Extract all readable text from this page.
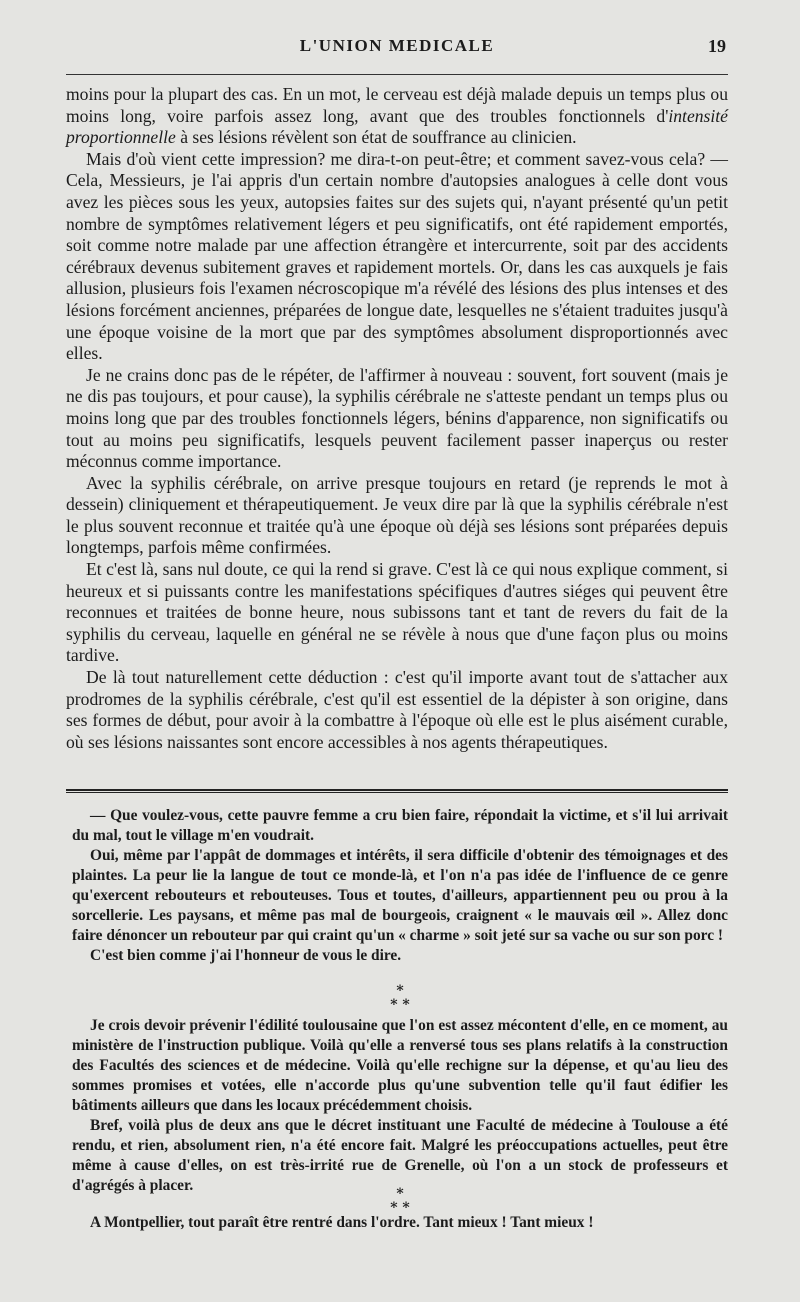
L'UNION MEDICALE	19

moins pour la plupart des cas. En un mot, le cerveau est déjà malade depuis un temps plus ou moins long, voire parfois assez long, avant que des troubles fonctionnels d'intensité proportionnelle à ses lésions révèlent son état de souffrance au clinicien.

Mais d'où vient cette impression? me dira-t-on peut-être; et comment savez-vous cela? — Cela, Messieurs, je l'ai appris d'un certain nombre d'autopsies analogues à celle dont vous avez les pièces sous les yeux, autopsies faites sur des sujets qui, n'ayant présenté qu'un petit nombre de symptômes relativement légers et peu significatifs, ont été rapidement emportés, soit comme notre malade par une affection étrangère et intercurrente, soit par des accidents cérébraux devenus subitement graves et rapidement mortels. Or, dans les cas auxquels je fais allusion, plusieurs fois l'examen nécroscopique m'a révélé des lésions des plus intenses et des lésions forcément anciennes, préparées de longue date, lesquelles ne s'étaient traduites jusqu'à une époque voisine de la mort que par des symptômes absolument disproportionnés avec elles.

Je ne crains donc pas de le répéter, de l'affirmer à nouveau : souvent, fort souvent (mais je ne dis pas toujours, et pour cause), la syphilis cérébrale ne s'atteste pendant un temps plus ou moins long que par des troubles fonctionnels légers, bénins d'apparence, non significatifs ou tout au moins peu significatifs, lesquels peuvent facilement passer inaperçus ou rester méconnus comme importance.

Avec la syphilis cérébrale, on arrive presque toujours en retard (je reprends le mot à dessein) cliniquement et thérapeutiquement. Je veux dire par là que la syphilis cérébrale n'est le plus souvent reconnue et traitée qu'à une époque où déjà ses lésions sont préparées depuis longtemps, parfois même confirmées.

Et c'est là, sans nul doute, ce qui la rend si grave. C'est là ce qui nous explique comment, si heureux et si puissants contre les manifestations spécifiques d'autres siéges qui peuvent être reconnues et traitées de bonne heure, nous subissons tant et tant de revers du fait de la syphilis du cerveau, laquelle en général ne se révèle à nous que d'une façon plus ou moins tardive.

De là tout naturellement cette déduction : c'est qu'il importe avant tout de s'attacher aux prodromes de la syphilis cérébrale, c'est qu'il est essentiel de la dépister à son origine, dans ses formes de début, pour avoir à la combattre à l'époque où elle est le plus aisément curable, où ses lésions naissantes sont encore accessibles à nos agents thérapeutiques.

— Que voulez-vous, cette pauvre femme a cru bien faire, répondait la victime, et s'il lui arrivait du mal, tout le village m'en voudrait.

Oui, même par l'appât de dommages et intérêts, il sera difficile d'obtenir des témoignages et des plaintes. La peur lie la langue de tout ce monde-là, et l'on n'a pas idée de l'influence de ce genre qu'exercent rebouteurs et rebouteuses. Tous et toutes, d'ailleurs, appartiennent peu ou prou à la sorcellerie. Les paysans, et même pas mal de bourgeois, craignent « le mauvais œil ». Allez donc faire dénoncer un rebouteur par qui craint qu'un « charme » soit jeté sur sa vache ou sur son porc !

C'est bien comme j'ai l'honneur de vous le dire.

*

* *

Je crois devoir prévenir l'édilité toulousaine que l'on est assez mécontent d'elle, en ce moment, au ministère de l'instruction publique. Voilà qu'elle a renversé tous ses plans relatifs à la construction des Facultés des sciences et de médecine. Voilà qu'elle rechigne sur la dépense, et qu'au lieu des sommes promises et votées, elle n'accorde plus qu'une subvention telle qu'il faut édifier les bâtiments ailleurs que dans les locaux précédemment choisis.

Bref, voilà plus de deux ans que le décret instituant une Faculté de médecine à Toulouse a été rendu, et rien, absolument rien, n'a été encore fait. Malgré les préoccupations actuelles, peut être même à cause d'elles, on est très-irrité rue de Grenelle, où l'on a un stock de professeurs et d'agrégés à placer.	*

* *

A Montpellier, tout paraît être rentré dans l'ordre. Tant mieux ! Tant mieux !
